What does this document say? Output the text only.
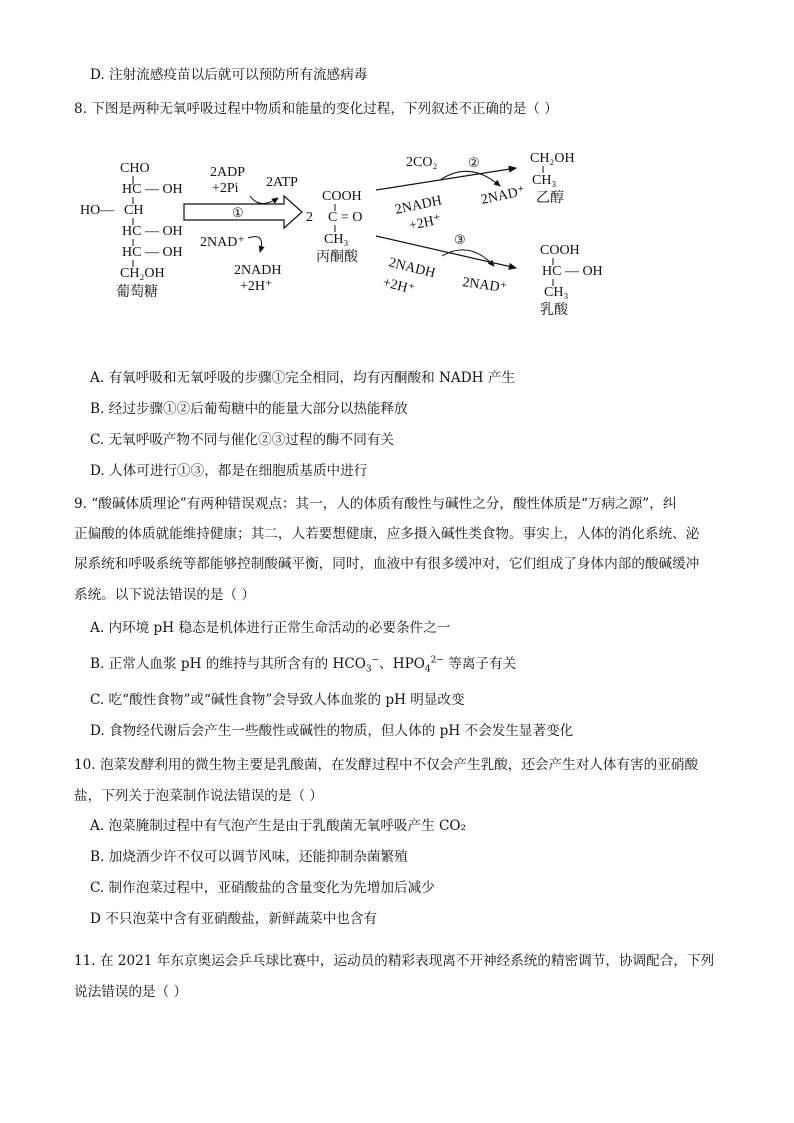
D. 注射流感疫苗以后就可以预防所有流感病毒
8. 下图是两种无氧呼吸过程中物质和能量的变化过程，下列叙述不正确的是（ ）
CHO
HC — OH
HO— CH
HC — OH
HC — OH
CH₂OH
葡萄糖
2ADP
+2Pi 2ATP
①
2NAD⁺
2NADH
+2H⁺
COOH
2 C = O
CH₃
丙酮酸
2CO₂ ②
2NADH
+2H⁺
2NAD⁺
CH₂OH
CH₃
乙醇
③
2NADH
+2H⁺	2NAD⁺
COOH
HC — OH
CH₃
乳酸
A. 有氧呼吸和无氧呼吸的步骤①完全相同，均有丙酮酸和 NADH 产生
B. 经过步骤①②后葡萄糖中的能量大部分以热能释放
C. 无氧呼吸产物不同与催化②③过程的酶不同有关
D. 人体可进行①③，都是在细胞质基质中进行
9. “酸碱体质理论”有两种错误观点：其一，人的体质有酸性与碱性之分，酸性体质是“万病之源”，纠
正偏酸的体质就能维持健康；其二，人若要想健康，应多摄入碱性类食物。事实上，人体的消化系统、泌
尿系统和呼吸系统等都能够控制酸碱平衡，同时，血液中有很多缓冲对，它们组成了身体内部的酸碱缓冲
系统。以下说法错误的是（ ）
A. 内环境 pH 稳态是机体进行正常生命活动的必要条件之一
B. 正常人血浆 pH 的维持与其所含有的 $HCO_3^-$、$HPO_4^{2-}$ 等离子有关
C. 吃“酸性食物”或“碱性食物”会导致人体血浆的 pH 明显改变
D. 食物经代谢后会产生一些酸性或碱性的物质，但人体的 pH 不会发生显著变化
10. 泡菜发酵利用的微生物主要是乳酸菌，在发酵过程中不仅会产生乳酸，还会产生对人体有害的亚硝酸
盐，下列关于泡菜制作说法错误的是（ ）
A. 泡菜腌制过程中有气泡产生是由于乳酸菌无氧呼吸产生 CO₂
B. 加烧酒少许不仅可以调节风味，还能抑制杂菌繁殖
C. 制作泡菜过程中，亚硝酸盐的含量变化为先增加后减少
D 不只泡菜中含有亚硝酸盐，新鲜蔬菜中也含有
11. 在 2021 年东京奥运会乒乓球比赛中，运动员的精彩表现离不开神经系统的精密调节，协调配合，下列
说法错误的是（ ）
